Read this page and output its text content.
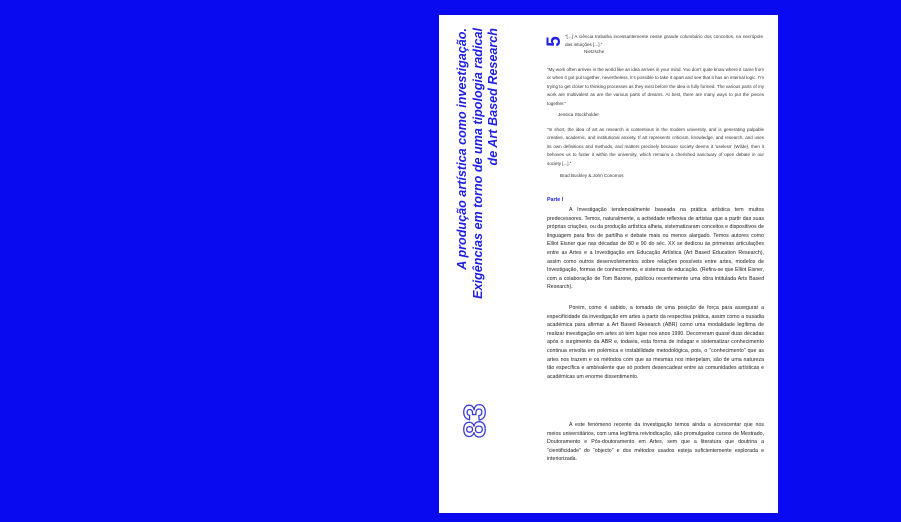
A produção artística como investigação. Exigências em torno de uma tipologia radical de Art Based Research
83
5 “[...] A ciência trabalha incessantemente nesse grande columbário dos conceitos, na necrópole das intuições [...].”
Nietzsche
“My work often arrives in the world like an idea arrives in your mind. You don’t quite know where it came from or when it got put together, nevertheless, it’s possible to take it apart and see that it has an internal logic. I’m trying to get closer to thinking processes as they exist before the idea is fully formed. The various parts of my work are multivalent as are the various parts of dreams. At best, there are many ways to put the pieces together.”
Jessica Stockholder
“In short, the idea of art as research is contentious in the modern university, and is generating palpable creative, academic, and institutional anxiety. If art represents criticism, knowledge, and research, and uses its own definitions and methods, and matters precisely because society deems it ‘useless’ (Wilde), then it behoves us to foster it within the university, which remains a cherished sanctuary of open debate in our society [...].”
Brad Buckley & John Conomos
Parte I

A Investigação tendencialmente baseada na prática artística tem muitos predecessores. Temos, naturalmente, a actividade reflexiva de artistas que a partir das suas próprias criações, ou da produção artística alheia, sistematizaram conceitos e dispositivos de linguagem para fins de partilha e debate mais ou menos alargado. Temos autores como Elliot Eisner que nas décadas de 80 e 90 do séc. XX se dedicou às primeiras articulações entre as Artes e a Investigação em Educação Artística (Art Based Education Research), assim como outros desenvolvimentos sobre relações possíveis entre artes, modelos de Investigação, formas de conhecimento, e sistemas de educação. (Refira-se que Elliot Eisner, com a colaboração de Tom Barone, publicou recentemente uma obra intitulada Arts Based Research).

Porém, como é sabido, a tomada de uma posição de força para assegurar a especificidade da investigação em artes a partir da respectiva prática, assim como a ousadia académica para afirmar a Art Based Research (ABR) como uma modalidade legítima de realizar investigação em artes só tem lugar nos anos 1990. Decorreram quase duas décadas após o surgimento da ABR e, todavia, esta forma de indagar e sistematizar conhecimento continua envolta em polémica e instabilidade metodológica, pois, o “conhecimento” que as artes nos trazem e os métodos com que as mesmas nos interpelam, são de uma natureza tão específica e ambivalente que só podem desencadear entre as comunidades artísticas e académicas um enorme dissentimento.

A este fenómeno recente da investigação temos ainda a acrescentar que nos meios universitários, com uma legítima reivindicação, são promulgados cursos de Mestrado, Doutoramento e Pós-doutoramento em Artes, sem que a literatura que doutrina a “cientificidade” do “objecto” e dos métodos usados esteja suficientemente explorada e interiorizada.
